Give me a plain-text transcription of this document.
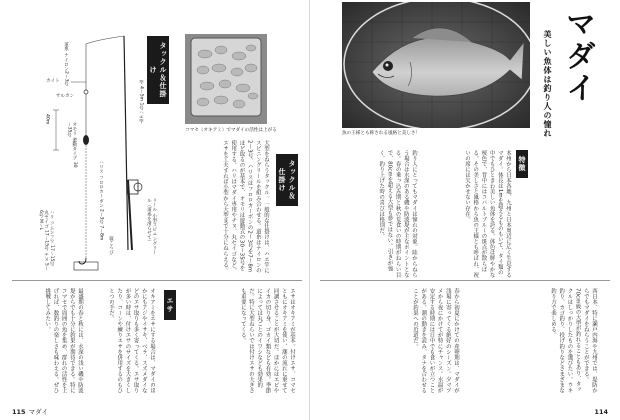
道糸 ナイロン2～3号
カイト
サルカン
40m
オモリ 遊動タイプ 30～35号
竿 4～5m 1号ハエ竿
リール 小型スピニングリール（道糸を滑らせて）
ハリス フロロカーボン 2～3号 7～8m
ハリ コムシフワ 17～15号 丸セイゴ 17～15号 チヌ 5～6号 M～L
寝ころび
タックル＆仕掛け
コマセ（オキアミ）でマダイの活性は上がる
大型をねらうタックル。一般的な仕掛けは、ハエ竿にスピニングリールを組み合わせる。道糸はナイロンの2～3号、ハリスはフロロカーボンの2～3号を7～8mほど取るのが基本で、オモリは遊動式の30～35号を使用する。ハリはマダイ専用やチヌ、丸セイゴなど。エサを工夫すれば小型から大型まで十分にねらえる。	タックル＆仕掛け
最盛期の春と秋には、水深の浅い磯や防波堤からでも十分に釣果が期待できる。特にコマセで周囲の魚を集め、群れの活性を上げれば、数釣りの楽しさも味わえる。ぜひ挑戦してみたい。	オキアミをエサにする場合は、マダイのほかにもアジやイサキ、ベラ、スズメダイなどのエサ取りも多く寄ってくる。エサ取りが多い時は、付けエサのサイズを大きくしたり、コーンや練りエサを併用するのもひとつの手だ。	エサ	エサはオキアミが基本。付けエサ、コマセともにオキアミを使い、潮の流れに乗せて同調させることが大切だ。ほかにはエビやイカの切り身、ゴカイ類なども有効。季節によっては丸ごとのイワシなども効果的だ。特に大型ねらいでは付けエサの大きさも重要になってくる。
115 マダイ
魚の王様とも称される風格と美しさ！
マダイ
美しい魚体は釣り人の憧れ
特徴
本州から日本各地、九州と日本周辺に広く生息するマダイ。体長は1mを超えるものもいて、タイ類の中でもひときわ美しい魚体を誇る。体色は鮮やかな桜色で、背中にはコバルトブルーの斑点が散らばる。その美しさと風格から魚の王様とも呼ばれ、祝いの席には欠かせない存在。
釣り人にとってもマダイは憧れの対象。陸からねらう場合は水深のある磯や防波堤が主なポイントとなる。春の乗っ込み期と秋の荒食いの時期がねらい目で、80cmを超える大型も夢ではない。引きが強く、釣り上げた時の喜びは格別だ。
西日本、特に瀬戸内海や九州では、堤防からでもマダイをねらうことができる。70cm級の大型が釣れることもあり、タックルはしっかりしたものを選びたい。ウキ釣り、カゴ釣り、投げ釣りなどさまざまな釣り方で楽しめる。
春から初夏にかけての産卵期は、マダイが浅場に寄ってくる絶好のシーズン。夕マヅメから夜にかけてが特にチャンス。水温が安定する時期には日中でも食いが立つことがある。潮の動きを読み、タナを合わせることが釣果への近道だ。
114
